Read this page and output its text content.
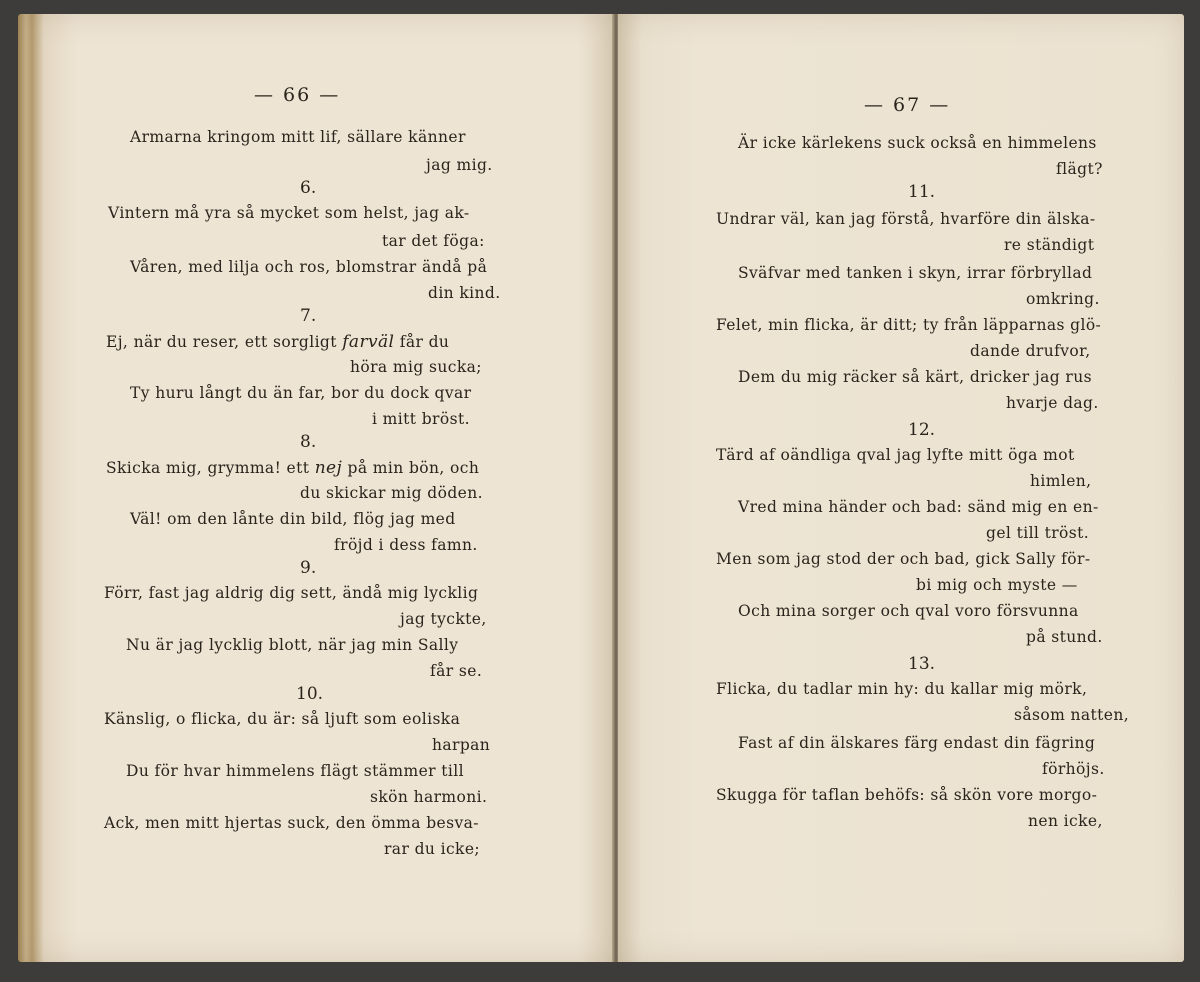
— 66 —
Armarna kringom mitt lif, sällare känner
jag mig.
6.
Vintern må yra så mycket som helst, jag ak-
tar det föga:
Våren, med lilja och ros, blomstrar ändå på
din kind.
7.
Ej, när du reser, ett sorgligt farväl får du
höra mig sucka;
Ty huru långt du än far, bor du dock qvar
i mitt bröst.
8.
Skicka mig, grymma! ett nej på min bön, och
du skickar mig döden.
Väl! om den lånte din bild, flög jag med
fröjd i dess famn.
9.
Förr, fast jag aldrig dig sett, ändå mig lycklig
jag tyckte,
Nu är jag lycklig blott, när jag min Sally
får se.
10.
Känslig, o flicka, du är: så ljuft som eoliska
harpan
Du för hvar himmelens flägt stämmer till
skön harmoni.
Ack, men mitt hjertas suck, den ömma besva-
rar du icke;
— 67 —
Är icke kärlekens suck också en himmelens
flägt?
11.
Undrar väl, kan jag förstå, hvarföre din älska-
re ständigt
Sväfvar med tanken i skyn, irrar förbryllad
omkring.
Felet, min flicka, är ditt; ty från läpparnas glö-
dande drufvor,
Dem du mig räcker så kärt, dricker jag rus
hvarje dag.
12.
Tärd af oändliga qval jag lyfte mitt öga mot
himlen,
Vred mina händer och bad: sänd mig en en-
gel till tröst.
Men som jag stod der och bad, gick Sally för-
bi mig och myste —
Och mina sorger och qval voro försvunna
på stund.
13.
Flicka, du tadlar min hy: du kallar mig mörk,
såsom natten,
Fast af din älskares färg endast din fägring
förhöjs.
Skugga för taflan behöfs: så skön vore morgo-
nen icke,
